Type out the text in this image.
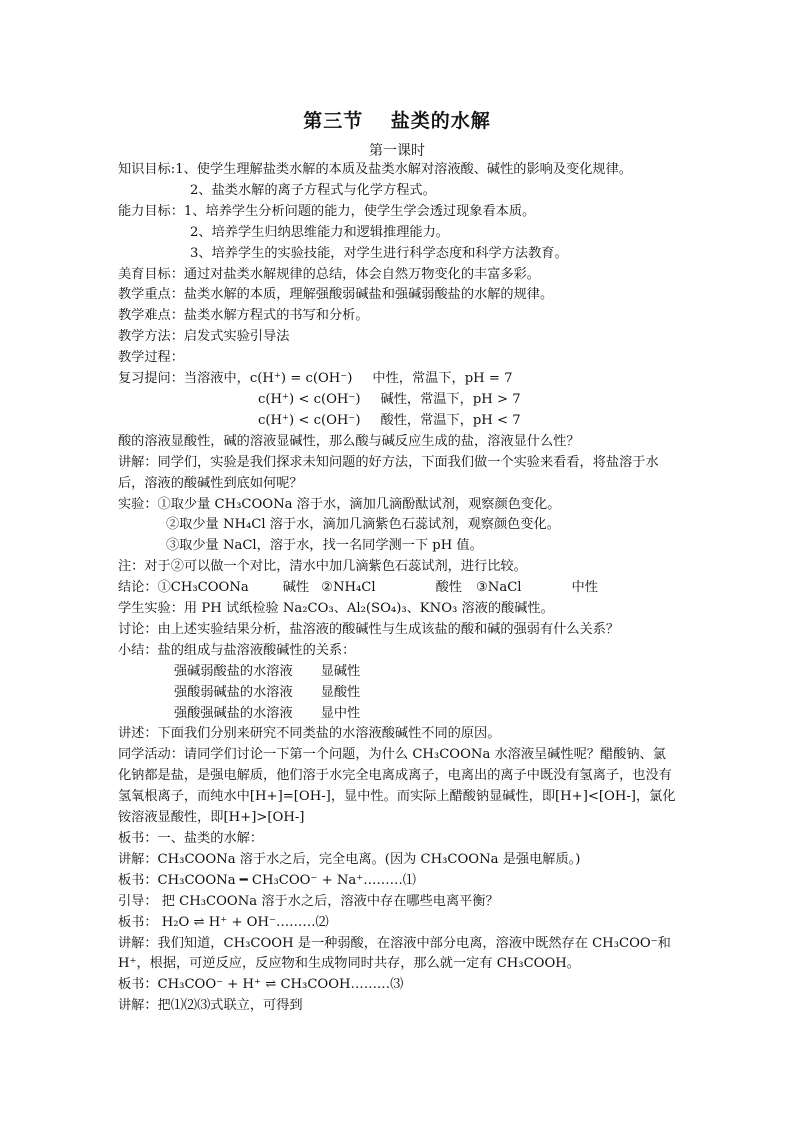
第三节　 盐类的水解
第一课时
知识目标:1、使学生理解盐类水解的本质及盐类水解对溶液酸、碱性的影响及变化规律。
2、盐类水解的离子方程式与化学方程式。
能力目标：1、培养学生分析问题的能力，使学生学会透过现象看本质。
2、培养学生归纳思维能力和逻辑推理能力。
3、培养学生的实验技能，对学生进行科学态度和科学方法教育。
美育目标：通过对盐类水解规律的总结，体会自然万物变化的丰富多彩。
教学重点：盐类水解的本质，理解强酸弱碱盐和强碱弱酸盐的水解的规律。
教学难点：盐类水解方程式的书写和分析。
教学方法：启发式实验引导法
教学过程：
复习提问：当溶液中，c(H⁺) = c(OH⁻) 中性，常温下，pH = 7
c(H⁺) < c(OH⁻) 碱性，常温下，pH > 7
c(H⁺) < c(OH⁻) 酸性，常温下，pH < 7
酸的溶液显酸性，碱的溶液显碱性，那么酸与碱反应生成的盐，溶液显什么性？
讲解：同学们，实验是我们探求未知问题的好方法，下面我们做一个实验来看看，将盐溶于水后，溶液的酸碱性到底如何呢？
实验：①取少量 CH₃COONa 溶于水，滴加几滴酚酞试剂，观察颜色变化。
②取少量 NH₄Cl 溶于水，滴加几滴紫色石蕊试剂，观察颜色变化。
③取少量 NaCl，溶于水，找一名同学测一下 pH 值。
注：对于②可以做一个对比，清水中加几滴紫色石蕊试剂，进行比较。
结论：①CH₃COONa	碱性 ②NH₄Cl	酸性 ③NaCl	中性
学生实验：用 PH 试纸检验 Na₂CO₃、Al₂(SO₄)₃、KNO₃ 溶液的酸碱性。
讨论：由上述实验结果分析，盐溶液的酸碱性与生成该盐的酸和碱的强弱有什么关系？
小结：盐的组成与盐溶液酸碱性的关系：
强碱弱酸盐的水溶液 显碱性
强酸弱碱盐的水溶液 显酸性
强酸强碱盐的水溶液 显中性
讲述：下面我们分别来研究不同类盐的水溶液酸碱性不同的原因。
同学活动：请同学们讨论一下第一个问题，为什么 CH₃COONa 水溶液呈碱性呢？醋酸钠、氯化钠都是盐，是强电解质，他们溶于水完全电离成离子，电离出的离子中既没有氢离子，也没有氢氧根离子，而纯水中[H+]=[OH-]，显中性。而实际上醋酸钠显碱性，即[H+]<[OH-]，氯化铵溶液显酸性，即[H+]>[OH-]
板书：一、盐类的水解：
讲解：CH₃COONa 溶于水之后，完全电离。(因为 CH₃COONa 是强电解质。)
板书：CH₃COONa ━ CH₃COO⁻ + Na⁺………⑴
引导： 把 CH₃COONa 溶于水之后，溶液中存在哪些电离平衡？
板书： H₂O ⇌ H⁺ + OH⁻………⑵
讲解：我们知道，CH₃COOH 是一种弱酸，在溶液中部分电离，溶液中既然存在 CH₃COO⁻和 H⁺，根据，可逆反应，反应物和生成物同时共存，那么就一定有 CH₃COOH。
板书：CH₃COO⁻ + H⁺ ⇌ CH₃COOH………⑶
讲解：把⑴⑵⑶式联立，可得到
